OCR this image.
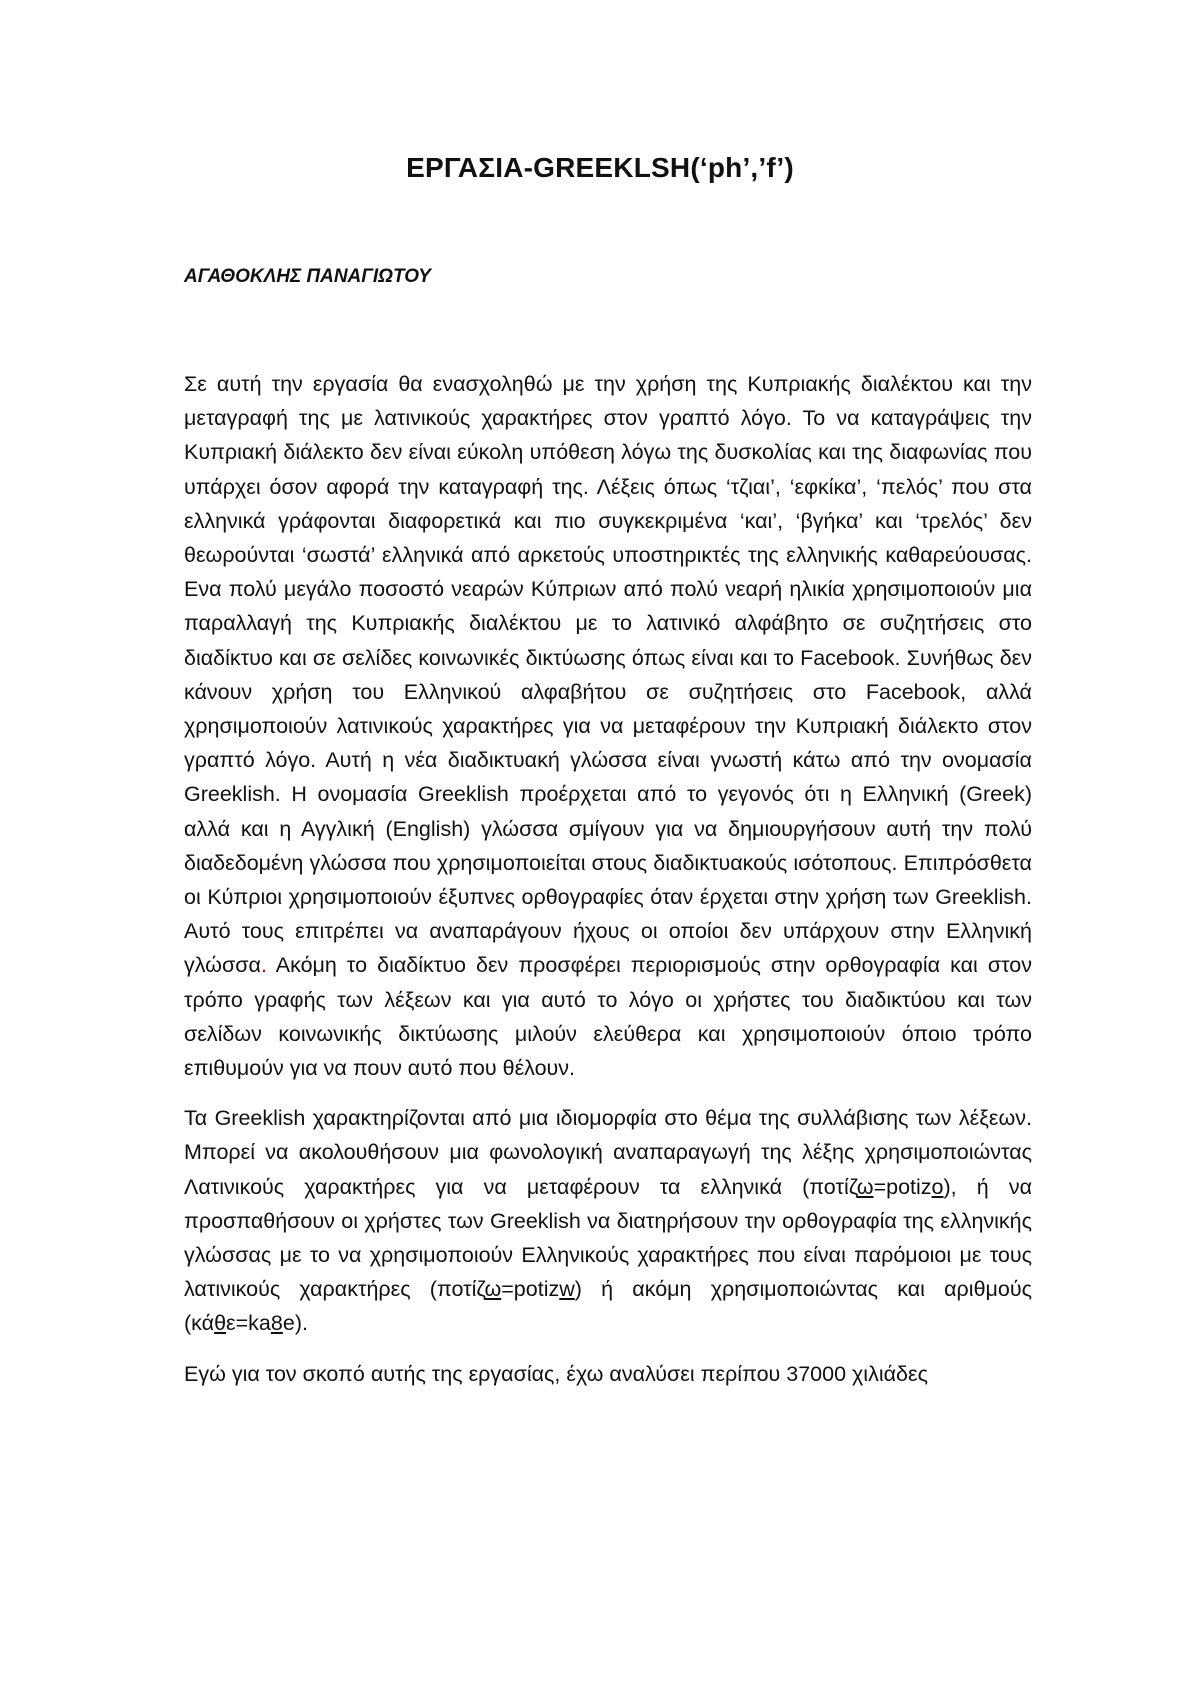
ΕΡΓΑΣΙΑ-GREEKLSH(‘ph’,’f’)
ΑΓΑΘΟΚΛΗΣ ΠΑΝΑΓΙΩΤΟΥ

Σε αυτή την εργασία θα ενασχοληθώ με την χρήση της Κυπριακής διαλέκτου και την μεταγραφή της με λατινικούς χαρακτήρες στον γραπτό λόγο. Το να καταγράψεις την Κυπριακή διάλεκτο δεν είναι εύκολη υπόθεση λόγω της δυσκολίας και της διαφωνίας που υπάρχει όσον αφορά την καταγραφή της. Λέξεις όπως ‘τζιαι’, ‘εφκίκα’, ‘πελός’ που στα ελληνικά γράφονται διαφορετικά και πιο συγκεκριμένα ‘και’, ‘βγήκα’ και ‘τρελός’ δεν θεωρούνται ‘σωστά’ ελληνικά από αρκετούς υποστηρικτές της ελληνικής καθαρεύουσας. Ενα πολύ μεγάλο ποσοστό νεαρών Κύπριων από πολύ νεαρή ηλικία χρησιμοποιούν μια παραλλαγή της Κυπριακής διαλέκτου με το λατινικό αλφάβητο σε συζητήσεις στο διαδίκτυο και σε σελίδες κοινωνικές δικτύωσης όπως είναι και το Facebook. Συνήθως δεν κάνουν χρήση του Ελληνικού αλφαβήτου σε συζητήσεις στο Facebook, αλλά χρησιμοποιούν λατινικούς χαρακτήρες για να μεταφέρουν την Κυπριακή διάλεκτο στον γραπτό λόγο. Αυτή η νέα διαδικτυακή γλώσσα είναι γνωστή κάτω από την ονομασία Greeklish. Η ονομασία Greeklish προέρχεται από το γεγονός ότι η Ελληνική (Greek) αλλά και η Αγγλική (English) γλώσσα σμίγουν για να δημιουργήσουν αυτή την πολύ διαδεδομένη γλώσσα που χρησιμοποιείται στους διαδικτυακούς ισότοπους. Επιπρόσθετα οι Κύπριοι χρησιμοποιούν έξυπνες ορθογραφίες όταν έρχεται στην χρήση των Greeklish. Αυτό τους επιτρέπει να αναπαράγουν ήχους οι οποίοι δεν υπάρχουν στην Ελληνική γλώσσα. Ακόμη το διαδίκτυο δεν προσφέρει περιορισμούς στην ορθογραφία και στον τρόπο γραφής των λέξεων και για αυτό το λόγο οι χρήστες του διαδικτύου και των σελίδων κοινωνικής δικτύωσης μιλούν ελεύθερα και χρησιμοποιούν όποιο τρόπο επιθυμούν για να πουν αυτό που θέλουν.

Τα Greeklish χαρακτηρίζονται από μια ιδιομορφία στο θέμα της συλλάβισης των λέξεων. Μπορεί να ακολουθήσουν μια φωνολογική αναπαραγωγή της λέξης χρησιμοποιώντας Λατινικούς χαρακτήρες για να μεταφέρουν τα ελληνικά (ποτίζω=potizo), ή να προσπαθήσουν οι χρήστες των Greeklish να διατηρήσουν την ορθογραφία της ελληνικής γλώσσας με το να χρησιμοποιούν Ελληνικούς χαρακτήρες που είναι παρόμοιοι με τους λατινικούς χαρακτήρες (ποτίζω=potizw) ή ακόμη χρησιμοποιώντας και αριθμούς (κάθε=ka8e).

Εγώ για τον σκοπό αυτής της εργασίας, έχω αναλύσει περίπου 37000 χιλιάδες
